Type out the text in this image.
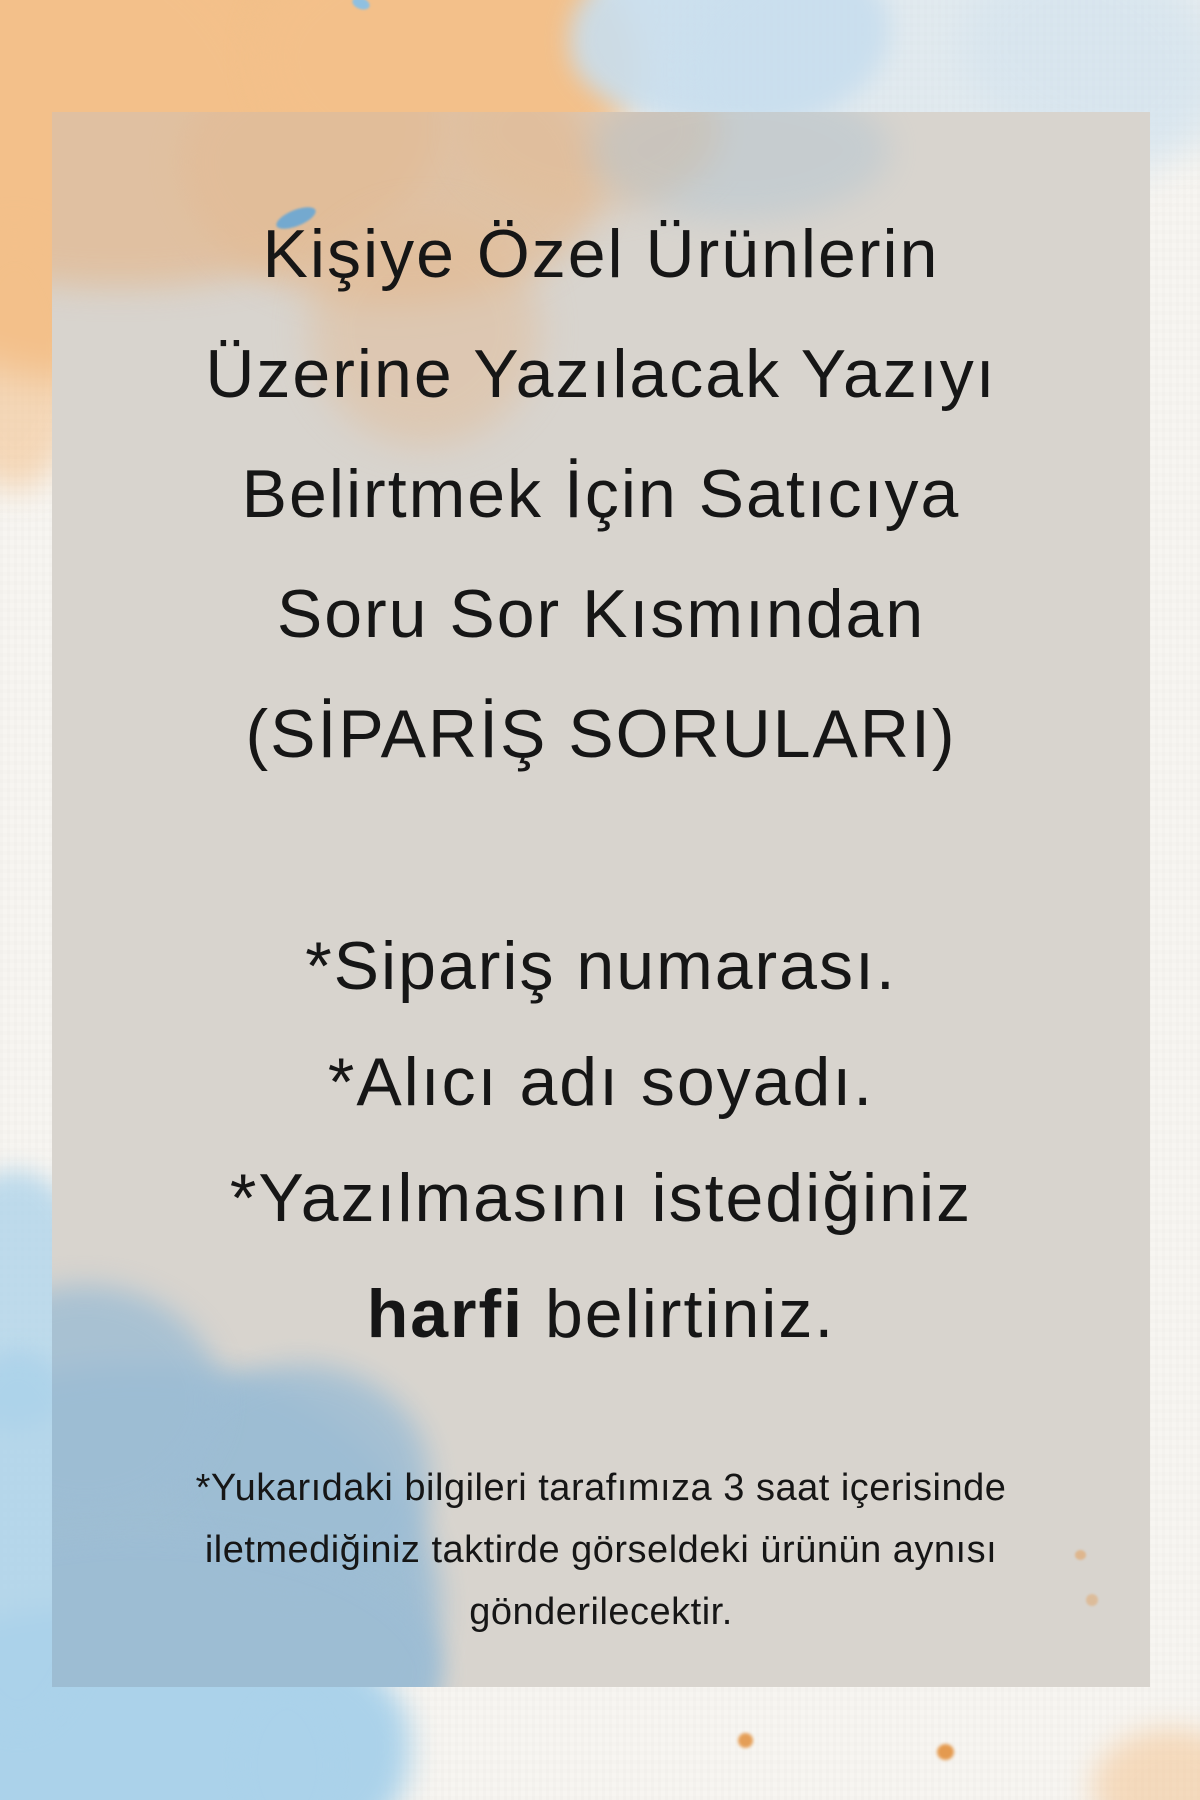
Kişiye Özel Ürünlerin
Üzerine Yazılacak Yazıyı
Belirtmek İçin Satıcıya
Soru Sor Kısmından
(SİPARİŞ SORULARI)
*Sipariş numarası.
*Alıcı adı soyadı.
*Yazılmasını istediğiniz
harfi belirtiniz.
*Yukarıdaki bilgileri tarafımıza 3 saat içerisinde
iletmediğiniz taktirde görseldeki ürünün aynısı
gönderilecektir.
